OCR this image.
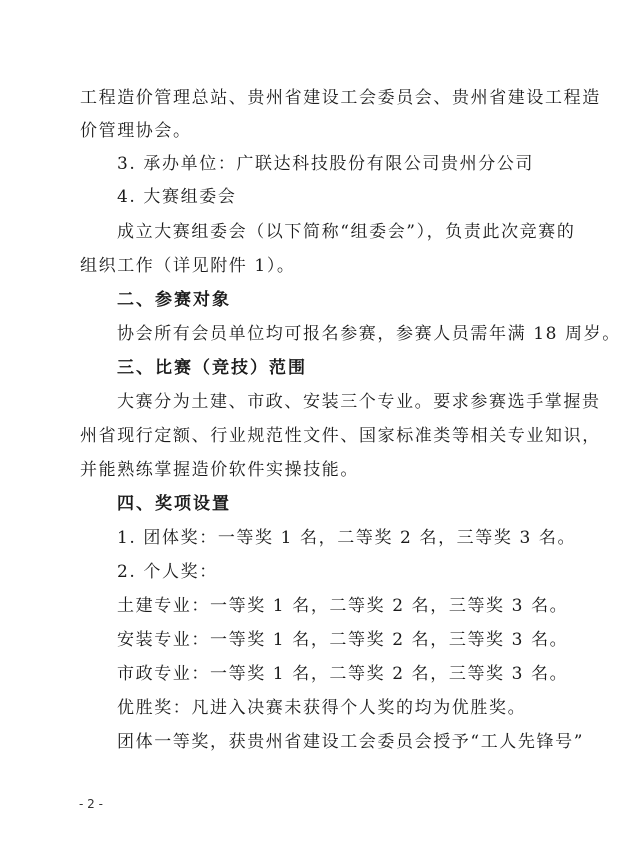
工程造价管理总站、贵州省建设工会委员会、贵州省建设工程造
价管理协会。
3. 承办单位：广联达科技股份有限公司贵州分公司
4. 大赛组委会
成立大赛组委会（以下简称“组委会”），负责此次竞赛的
组织工作（详见附件 1）。
二、参赛对象
协会所有会员单位均可报名参赛，参赛人员需年满 18 周岁。
三、比赛（竞技）范围
大赛分为土建、市政、安装三个专业。要求参赛选手掌握贵
州省现行定额、行业规范性文件、国家标准类等相关专业知识，
并能熟练掌握造价软件实操技能。
四、奖项设置
1. 团体奖：一等奖 1 名，二等奖 2 名，三等奖 3 名。
2. 个人奖：
土建专业：一等奖 1 名，二等奖 2 名，三等奖 3 名。
安装专业：一等奖 1 名，二等奖 2 名，三等奖 3 名。
市政专业：一等奖 1 名，二等奖 2 名，三等奖 3 名。
优胜奖：凡进入决赛未获得个人奖的均为优胜奖。
团体一等奖，获贵州省建设工会委员会授予“工人先锋号”
- 2 -
